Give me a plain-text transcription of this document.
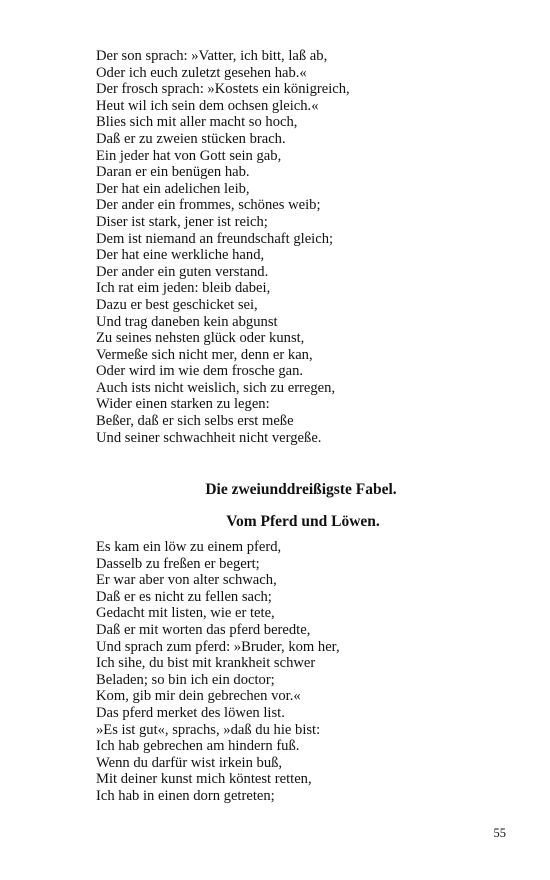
Der son sprach: »Vatter, ich bitt, laß ab,
Oder ich euch zuletzt gesehen hab.«
Der frosch sprach: »Kostets ein königreich,
Heut wil ich sein dem ochsen gleich.«
Blies sich mit aller macht so hoch,
Daß er zu zweien stücken brach.
Ein jeder hat von Gott sein gab,
Daran er ein benügen hab.
Der hat ein adelichen leib,
Der ander ein frommes, schönes weib;
Diser ist stark, jener ist reich;
Dem ist niemand an freundschaft gleich;
Der hat eine werkliche hand,
Der ander ein guten verstand.
Ich rat eim jeden: bleib dabei,
Dazu er best geschicket sei,
Und trag daneben kein abgunst
Zu seines nehsten glück oder kunst,
Vermeße sich nicht mer, denn er kan,
Oder wird im wie dem frosche gan.
Auch ists nicht weislich, sich zu erregen,
Wider einen starken zu legen:
Beßer, daß er sich selbs erst meße
Und seiner schwachheit nicht vergeße.
Die zweiunddreißigste Fabel.
Vom Pferd und Löwen.
Es kam ein löw zu einem pferd,
Dasselb zu freßen er begert;
Er war aber von alter schwach,
Daß er es nicht zu fellen sach;
Gedacht mit listen, wie er tete,
Daß er mit worten das pferd beredte,
Und sprach zum pferd: »Bruder, kom her,
Ich sihe, du bist mit krankheit schwer
Beladen; so bin ich ein doctor;
Kom, gib mir dein gebrechen vor.«
Das pferd merket des löwen list.
»Es ist gut«, sprachs, »daß du hie bist:
Ich hab gebrechen am hindern fuß.
Wenn du darfür wist irkein buß,
Mit deiner kunst mich köntest retten,
Ich hab in einen dorn getreten;
55
